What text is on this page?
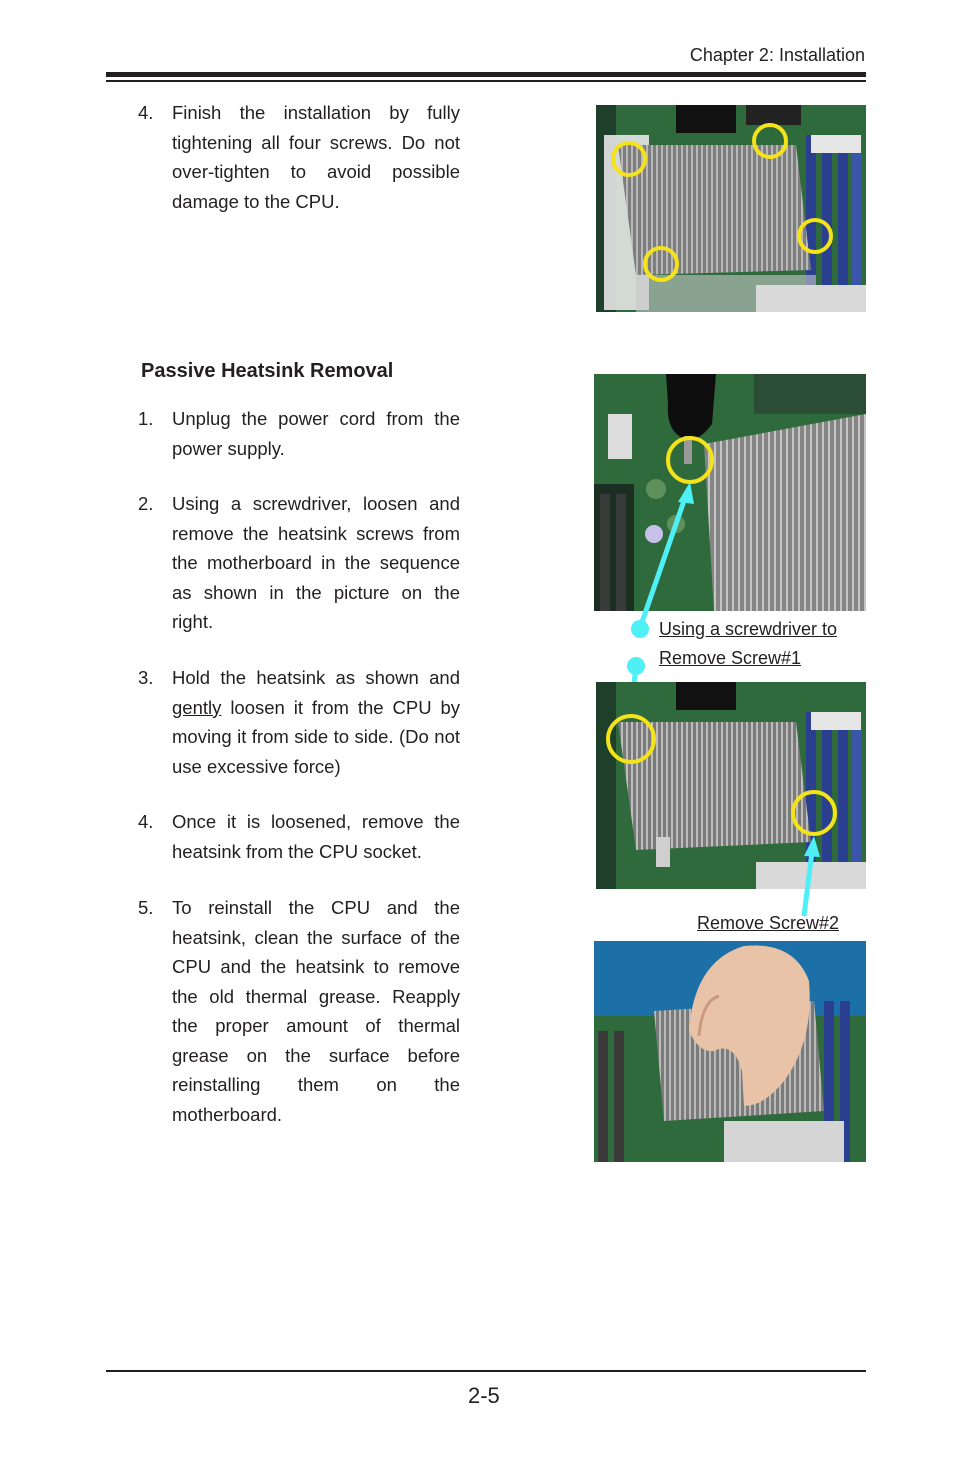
Chapter 2: Installation
4. Finish the installation by fully tightening all four screws. Do not over-tighten to avoid possible damage to the CPU.
Passive Heatsink Removal
1. Unplug the power cord from the power supply.
2. Using a screwdriver, loosen and remove the heatsink screws from the motherboard in the sequence as shown in the picture on the right.
3. Hold the heatsink as shown and gently loosen it from the CPU by moving it from side to side. (Do not use excessive force)
4. Once it is loosened, remove the heatsink from the CPU socket.
5. To reinstall the CPU and the heatsink, clean the surface of the CPU and the heatsink to remove the old thermal grease. Reapply the proper amount of thermal grease on the surface before reinstalling them on the motherboard.
Using a screwdriver to
Remove Screw#1
Remove Screw#2
2-5
